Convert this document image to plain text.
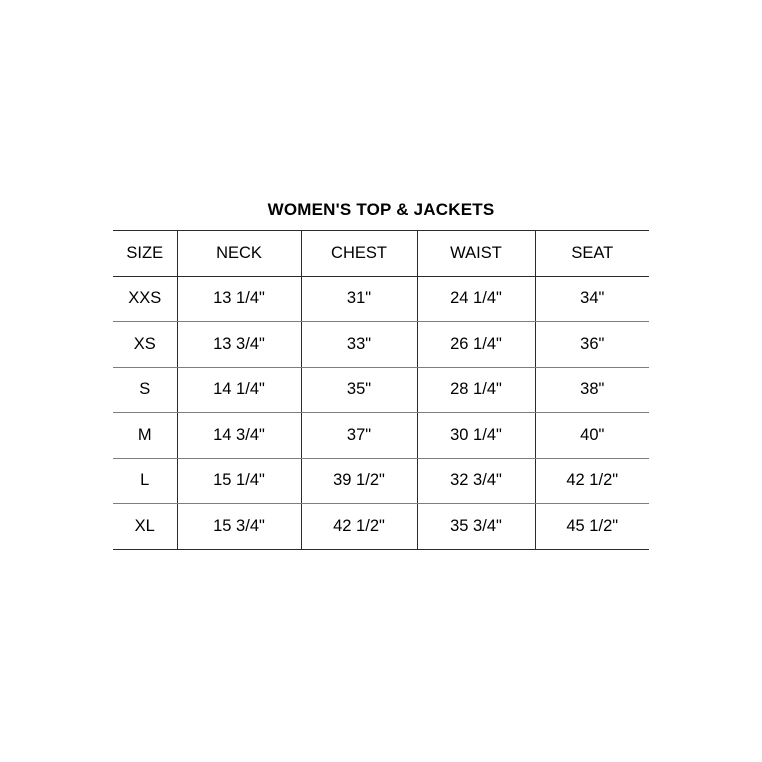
WOMEN'S TOP & JACKETS
SIZE	NECK	CHEST	WAIST	SEAT
XXS	13 1/4"	31"	24 1/4"	34"
XS	13 3/4"	33"	26 1/4"	36"
S	14 1/4"	35"	28 1/4"	38"
M	14 3/4"	37"	30 1/4"	40"
L	15 1/4"	39 1/2"	32 3/4"	42 1/2"
XL	15 3/4"	42 1/2"	35 3/4"	45 1/2"
